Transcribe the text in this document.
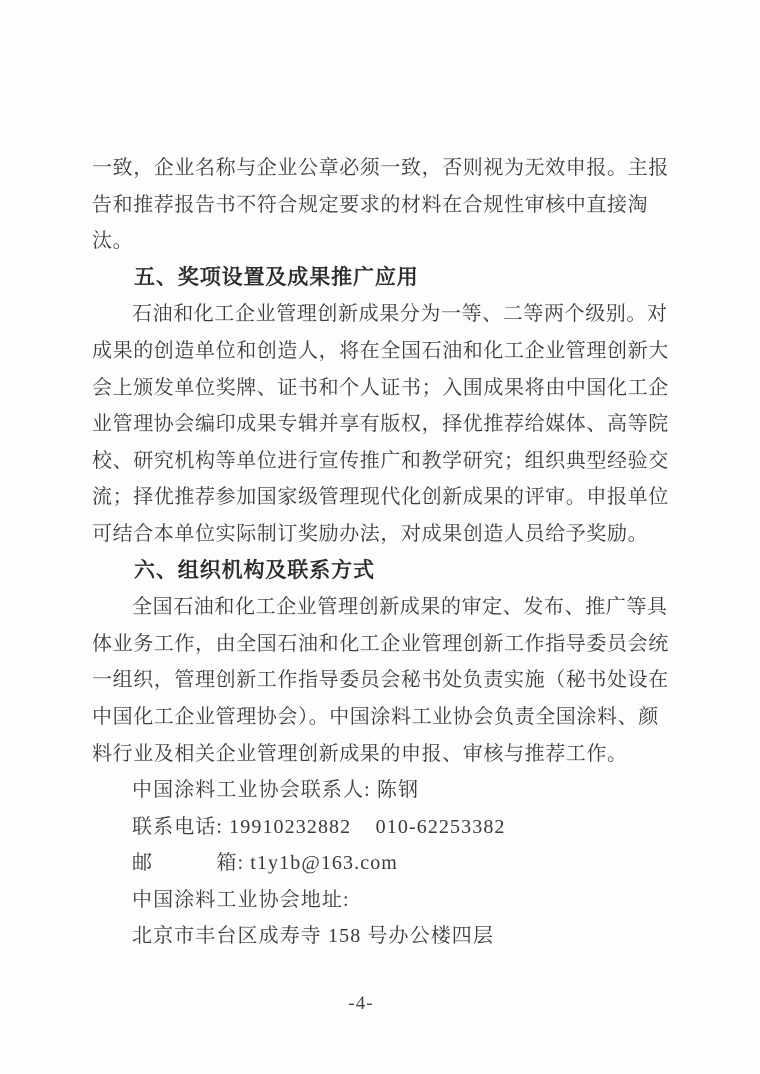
一致，企业名称与企业公章必须一致，否则视为无效申报。主报
告和推荐报告书不符合规定要求的材料在合规性审核中直接淘
汰。
五、奖项设置及成果推广应用
石油和化工企业管理创新成果分为一等、二等两个级别。对
成果的创造单位和创造人，将在全国石油和化工企业管理创新大
会上颁发单位奖牌、证书和个人证书；入围成果将由中国化工企
业管理协会编印成果专辑并享有版权，择优推荐给媒体、高等院
校、研究机构等单位进行宣传推广和教学研究；组织典型经验交
流；择优推荐参加国家级管理现代化创新成果的评审。申报单位
可结合本单位实际制订奖励办法，对成果创造人员给予奖励。
六、组织机构及联系方式
全国石油和化工企业管理创新成果的审定、发布、推广等具
体业务工作，由全国石油和化工企业管理创新工作指导委员会统
一组织，管理创新工作指导委员会秘书处负责实施（秘书处设在
中国化工企业管理协会）。中国涂料工业协会负责全国涂料、颜
料行业及相关企业管理创新成果的申报、审核与推荐工作。
中国涂料工业协会联系人: 陈钢
联系电话: 19910232882    010-62253382
邮　　　箱: t1y1b@163.com
中国涂料工业协会地址:
北京市丰台区成寿寺 158 号办公楼四层
-4-
